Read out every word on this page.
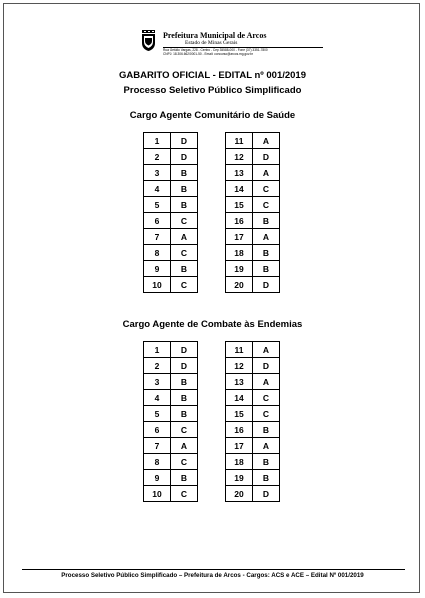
Prefeitura Municipal de Arcos
Estado de Minas Gerais
Rua Getúlio Vargas, 228 - Centro - Cep 35588-000 - Fone (37) 3351-7800
CNPJ: 18.306.662/0001-50 - Email: concurso@arcos.mg.gov.br
GABARITO OFICIAL - EDITAL nº 001/2019
Processo Seletivo Público Simplificado
Cargo Agente Comunitário de Saúde
1	D
2	D
3	B
4	B
5	B
6	C
7	A
8	C
9	B
10	C
11	A
12	D
13	A
14	C
15	C
16	B
17	A
18	B
19	B
20	D
Cargo Agente de Combate às Endemias
1	D
2	D
3	B
4	B
5	B
6	C
7	A
8	C
9	B
10	C
11	A
12	D
13	A
14	C
15	C
16	B
17	A
18	B
19	B
20	D
Processo Seletivo Público Simplificado – Prefeitura de Arcos - Cargos: ACS e ACE – Edital Nº 001/2019
